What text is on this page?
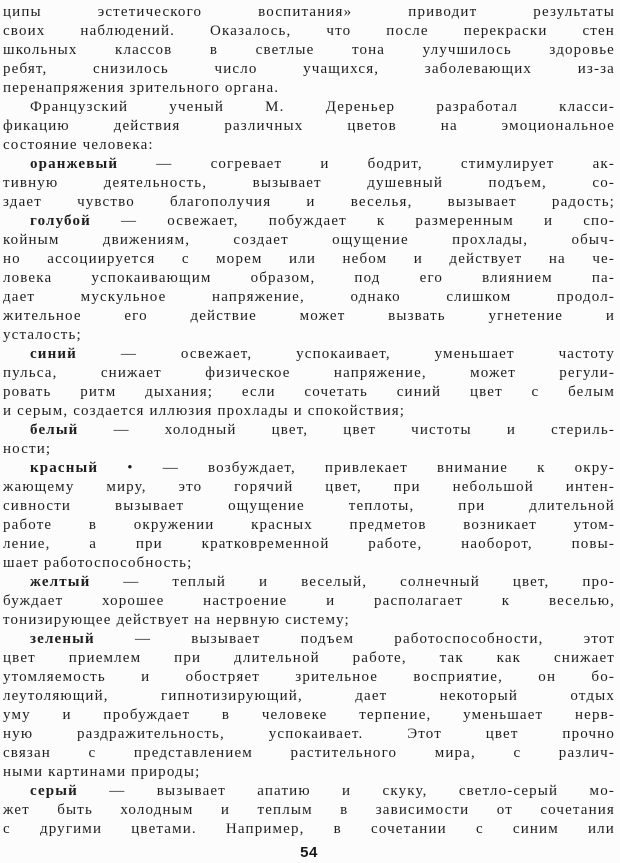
ципы эстетического воспитания» приводит результаты
своих наблюдений. Оказалось, что после перекраски стен
школьных классов в светлые тона улучшилось здоровье
ребят, снизилось число учащихся, заболевающих из-за
перенапряжения зрительного органа.
Французский ученый М. Дереньер разработал класси-
фикацию действия различных цветов на эмоциональное
состояние человека:
оранжевый — согревает и бодрит, стимулирует ак-
тивную деятельность, вызывает душевный подъем, со-
здает чувство благополучия и веселья, вызывает радость;
голубой — освежает, побуждает к размеренным и спо-
койным движениям, создает ощущение прохлады, обыч-
но ассоциируется с морем или небом и действует на че-
ловека успокаивающим образом, под его влиянием па-
дает мускульное напряжение, однако слишком продол-
жительное его действие может вызвать угнетение и
усталость;
синий — освежает, успокаивает, уменьшает частоту
пульса, снижает физическое напряжение, может регули-
ровать ритм дыхания; если сочетать синий цвет с белым
и серым, создается иллюзия прохлады и спокойствия;
белый — холодный цвет, цвет чистоты и стериль-
ности;
красный • — возбуждает, привлекает внимание к окру-
жающему миру, это горячий цвет, при небольшой интен-
сивности вызывает ощущение теплоты, при длительной
работе в окружении красных предметов возникает утом-
ление, а при кратковременной работе, наоборот, повы-
шает работоспособность;
желтый — теплый и веселый, солнечный цвет, про-
буждает хорошее настроение и располагает к веселью,
тонизирующее действует на нервную систему;
зеленый — вызывает подъем работоспособности, этот
цвет приемлем при длительной работе, так как снижает
утомляемость и обостряет зрительное восприятие, он бо-
леутоляющий, гипнотизирующий, дает некоторый отдых
уму и пробуждает в человеке терпение, уменьшает нерв-
ную раздражительность, успокаивает. Этот цвет прочно
связан с представлением растительного мира, с различ-
ными картинами природы;
серый — вызывает апатию и скуку, светло-серый мо-
жет быть холодным и теплым в зависимости от сочетания
с другими цветами. Например, в сочетании с синим или
54
